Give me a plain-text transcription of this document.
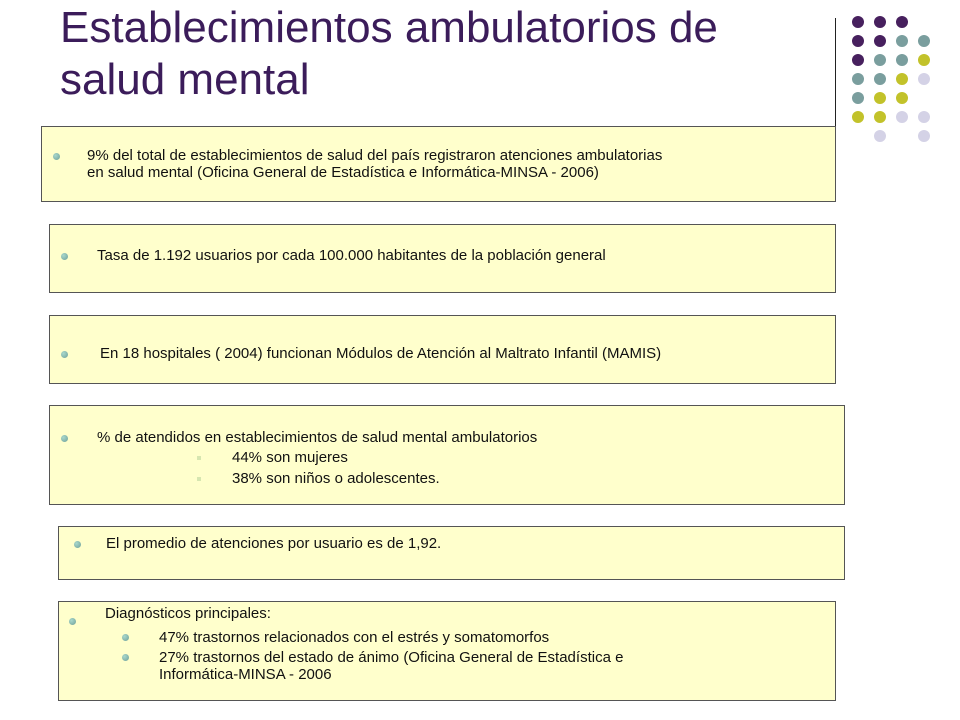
Establecimientos ambulatorios de
salud mental
9% del total de establecimientos de salud del país registraron atenciones ambulatorias
en salud mental (Oficina General de Estadística e Informática-MINSA - 2006)
Tasa de 1.192 usuarios por cada 100.000 habitantes de la población general
En 18 hospitales ( 2004) funcionan Módulos de Atención al Maltrato Infantil (MAMIS)
% de atendidos en establecimientos de salud mental ambulatorios
44% son mujeres
38% son niños o adolescentes.
El promedio de atenciones por usuario es de 1,92.
Diagnósticos principales:
47% trastornos relacionados con el estrés y somatomorfos
27% trastornos del estado de ánimo (Oficina General de Estadística e
Informática-MINSA - 2006
